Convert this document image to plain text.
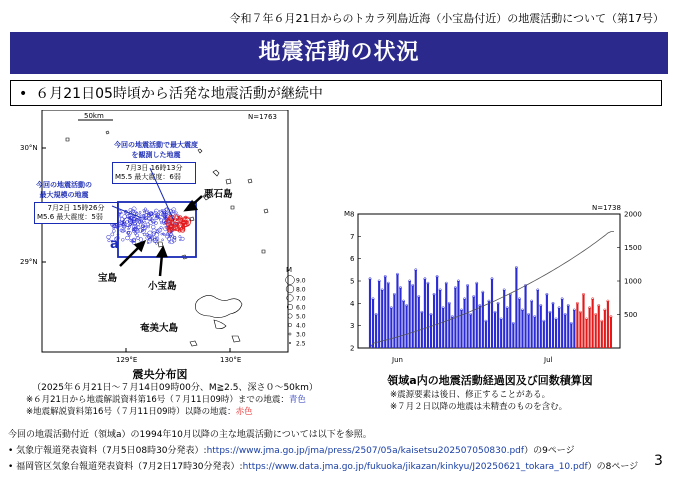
令和７年６月21日からのトカラ列島近海（小宝島付近）の地震活動について（第17号）
地震活動の状況
• ６月21日05時頃から活発な地震活動が継続中
50km	N=1763
30°N
29°N
129°E	130°E
a
M
9.0
8.0
7.0
6.0
5.0
4.0
3.0
2.5
今回の地震活動で最大震度
を観測した地震
7月3日 16時13分
M5.5 最大震度：6弱
今回の地震活動の
最大規模の地震
7月2日 15時26分
M5.6 最大震度：5弱
悪石島
宝島
小宝島
奄美大島
震央分布図
（2025年６月21日～７月14日09時00分、M≧2.5、深さ０～50km）
※６月21日から地震解説資料第16号（７月11日09時）までの地震：青色
※地震解説資料第16号（７月11日09時）以降の地震：赤色
N=1738
M
2
3
4
5
6
7
8
500
1000
1500
2000
Jun	Jul
領域a内の地震活動経過図及び回数積算図
※震源要素は後日、修正することがある。
※７月２日以降の地震は未精査のものを含む。
今回の地震活動付近（領域a）の1994年10月以降の主な地震活動については以下を参照。
• 気象庁報道発表資料（7月5日08時30分発表）:https://www.jma.go.jp/jma/press/2507/05a/kaisetsu202507050830.pdf）の9ページ
• 福岡管区気象台報道発表資料（7月2日17時30分発表）:https://www.data.jma.go.jp/fukuoka/jikazan/kinkyu/J20250621_tokara_10.pdf）の8ページ	3
